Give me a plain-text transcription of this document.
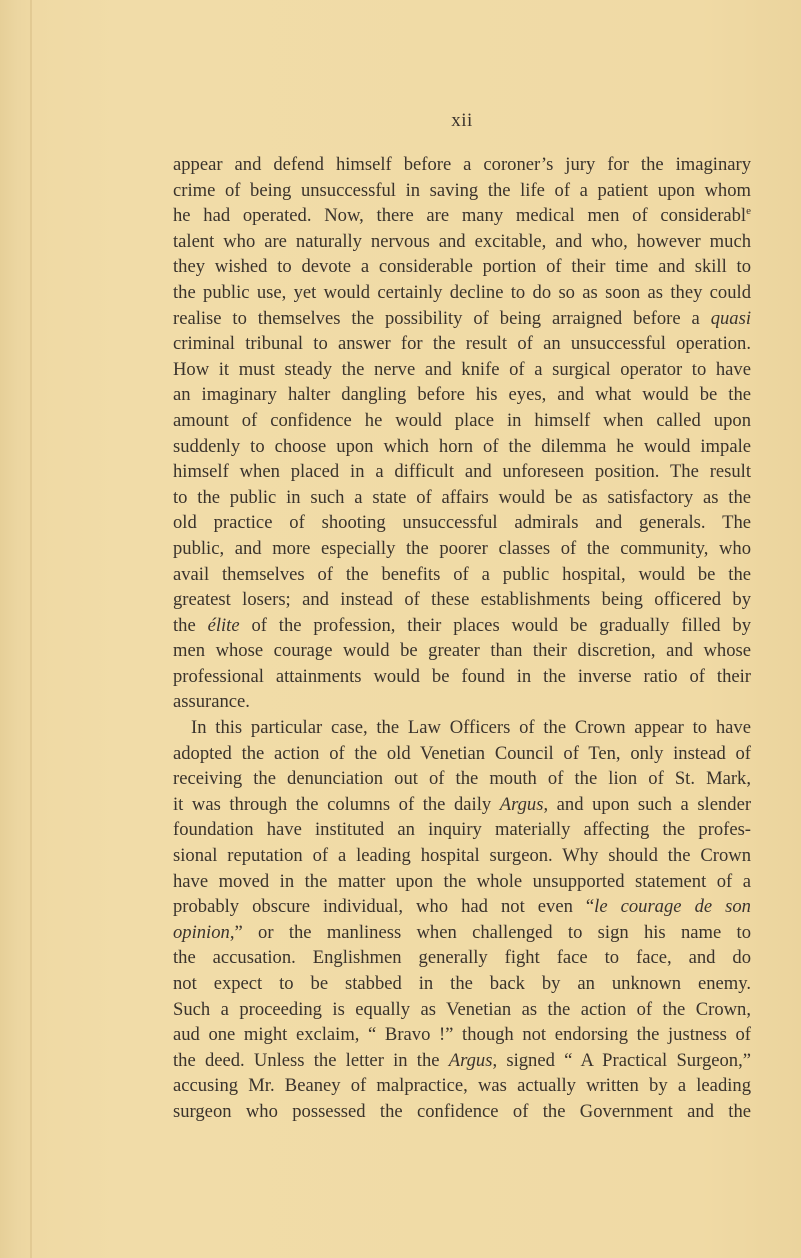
xii
appear and defend himself before a coroner’s jury for the imaginary
crime of being unsuccessful in saving the life of a patient upon whom
he had operated. Now, there are many medical men of considerabl$^e$
talent who are naturally nervous and excitable, and who, however much
they wished to devote a considerable portion of their time and skill to
the public use, yet would certainly decline to do so as soon as they could
realise to themselves the possibility of being arraigned before a quasi
criminal tribunal to answer for the result of an unsuccessful operation.
How it must steady the nerve and knife of a surgical operator to have
an imaginary halter dangling before his eyes, and what would be the
amount of confidence he would place in himself when called upon
suddenly to choose upon which horn of the dilemma he would impale
himself when placed in a difficult and unforeseen position. The result
to the public in such a state of affairs would be as satisfactory as the
old practice of shooting unsuccessful admirals and generals. The
public, and more especially the poorer classes of the community, who
avail themselves of the benefits of a public hospital, would be the
greatest losers; and instead of these establishments being officered by
the élite of the profession, their places would be gradually filled by
men whose courage would be greater than their discretion, and whose
professional attainments would be found in the inverse ratio of their
assurance.
In this particular case, the Law Officers of the Crown appear to have
adopted the action of the old Venetian Council of Ten, only instead of
receiving the denunciation out of the mouth of the lion of St. Mark,
it was through the columns of the daily Argus, and upon such a slender
foundation have instituted an inquiry materially affecting the profes-
sional reputation of a leading hospital surgeon. Why should the Crown
have moved in the matter upon the whole unsupported statement of a
probably obscure individual, who had not even “le courage de son
opinion,” or the manliness when challenged to sign his name to
the accusation. Englishmen generally fight face to face, and do
not expect to be stabbed in the back by an unknown enemy.
Such a proceeding is equally as Venetian as the action of the Crown,
aud one might exclaim, “ Bravo !” though not endorsing the justness of
the deed. Unless the letter in the Argus, signed “ A Practical Surgeon,”
accusing Mr. Beaney of malpractice, was actually written by a leading
surgeon who possessed the confidence of the Government and the
